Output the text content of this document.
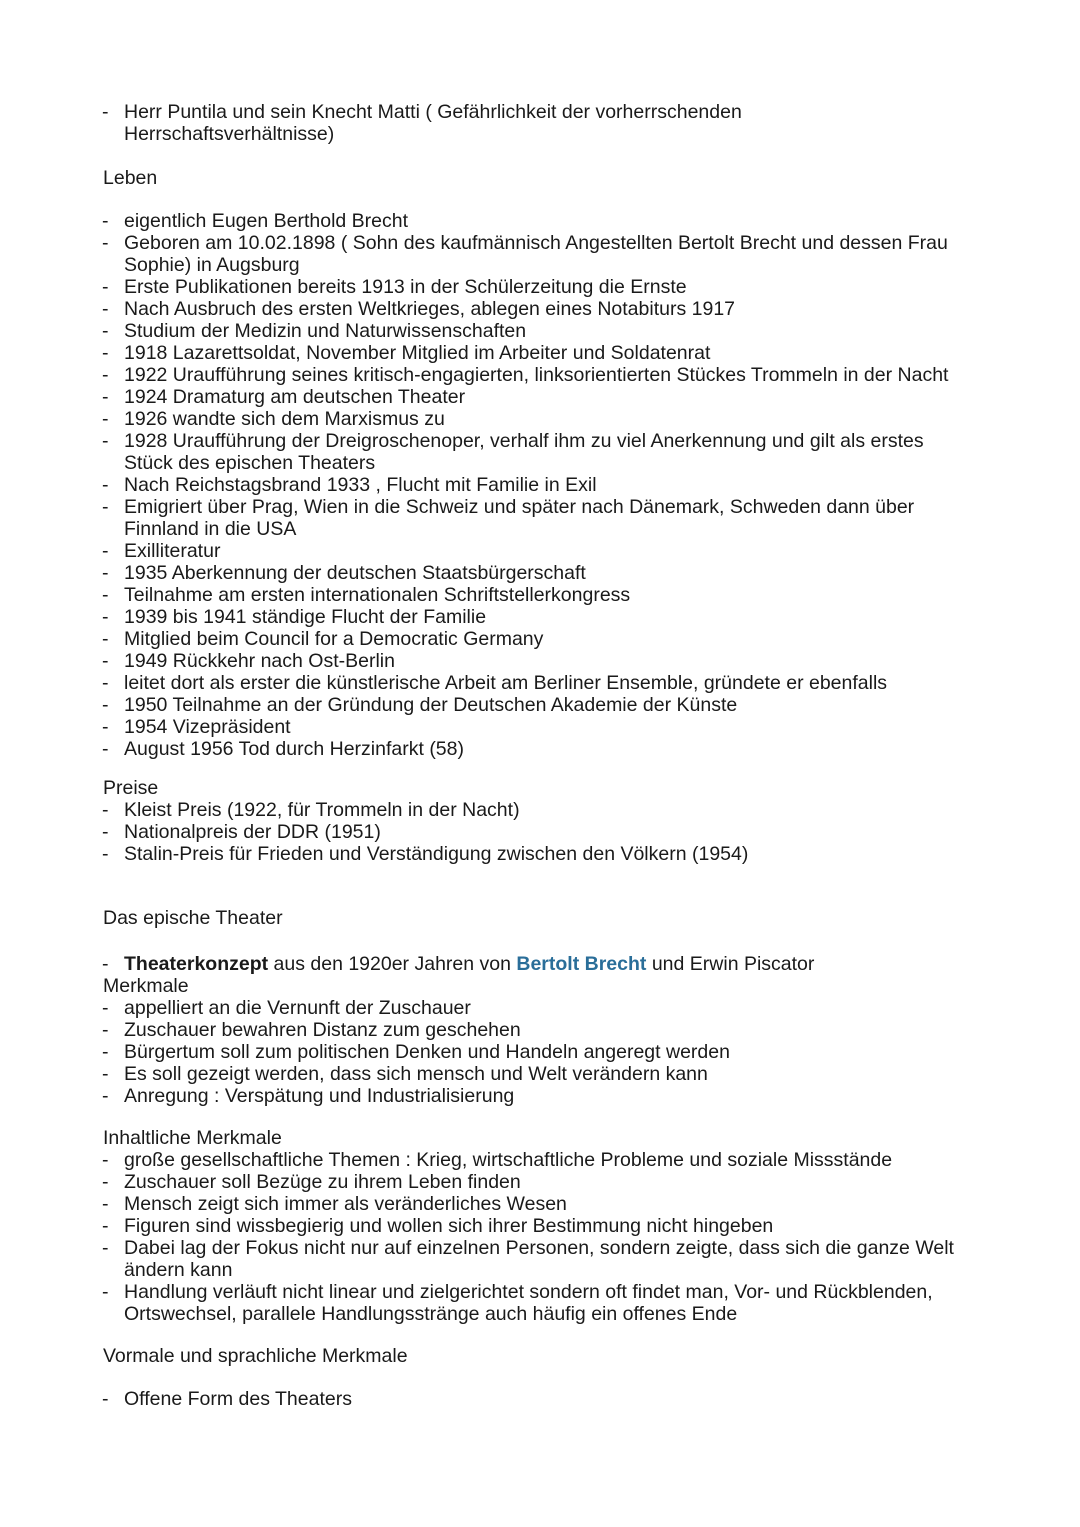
- Herr Puntila und sein Knecht Matti ( Gefährlichkeit der vorherrschenden
Herrschaftsverhältnisse)
Leben
- eigentlich Eugen Berthold Brecht
- Geboren am 10.02.1898 ( Sohn des kaufmännisch Angestellten Bertolt Brecht und dessen Frau
Sophie) in Augsburg
- Erste Publikationen bereits 1913 in der Schülerzeitung die Ernste
- Nach Ausbruch des ersten Weltkrieges, ablegen eines Notabiturs 1917
- Studium der Medizin und Naturwissenschaften
- 1918 Lazarettsoldat, November Mitglied im Arbeiter und Soldatenrat
- 1922 Uraufführung seines kritisch-engagierten, linksorientierten Stückes Trommeln in der Nacht
- 1924 Dramaturg am deutschen Theater
- 1926 wandte sich dem Marxismus zu
- 1928 Uraufführung der Dreigroschenoper, verhalf ihm zu viel Anerkennung und gilt als erstes
Stück des epischen Theaters
- Nach Reichstagsbrand 1933 , Flucht mit Familie in Exil
- Emigriert über Prag, Wien in die Schweiz und später nach Dänemark, Schweden dann über
Finnland in die USA
- Exilliteratur
- 1935 Aberkennung der deutschen Staatsbürgerschaft
- Teilnahme am ersten internationalen Schriftstellerkongress
- 1939 bis 1941 ständige Flucht der Familie
- Mitglied beim Council for a Democratic Germany
- 1949 Rückkehr nach Ost-Berlin
- leitet dort als erster die künstlerische Arbeit am Berliner Ensemble, gründete er ebenfalls
- 1950 Teilnahme an der Gründung der Deutschen Akademie der Künste
- 1954 Vizepräsident
- August 1956 Tod durch Herzinfarkt (58)
Preise
- Kleist Preis (1922, für Trommeln in der Nacht)
- Nationalpreis der DDR (1951)
- Stalin-Preis für Frieden und Verständigung zwischen den Völkern (1954)
Das epische Theater
- Theaterkonzept aus den 1920er Jahren von Bertolt Brecht und Erwin Piscator
Merkmale
- appelliert an die Vernunft der Zuschauer
- Zuschauer bewahren Distanz zum geschehen
- Bürgertum soll zum politischen Denken und Handeln angeregt werden
- Es soll gezeigt werden, dass sich mensch und Welt verändern kann
- Anregung : Verspätung und Industrialisierung
Inhaltliche Merkmale
- große gesellschaftliche Themen : Krieg, wirtschaftliche Probleme und soziale Missstände
- Zuschauer soll Bezüge zu ihrem Leben finden
- Mensch zeigt sich immer als veränderliches Wesen
- Figuren sind wissbegierig und wollen sich ihrer Bestimmung nicht hingeben
- Dabei lag der Fokus nicht nur auf einzelnen Personen, sondern zeigte, dass sich die ganze Welt
ändern kann
- Handlung verläuft nicht linear und zielgerichtet sondern oft findet man, Vor- und Rückblenden,
Ortswechsel, parallele Handlungsstränge auch häufig ein offenes Ende
Vormale und sprachliche Merkmale
- Offene Form des Theaters
